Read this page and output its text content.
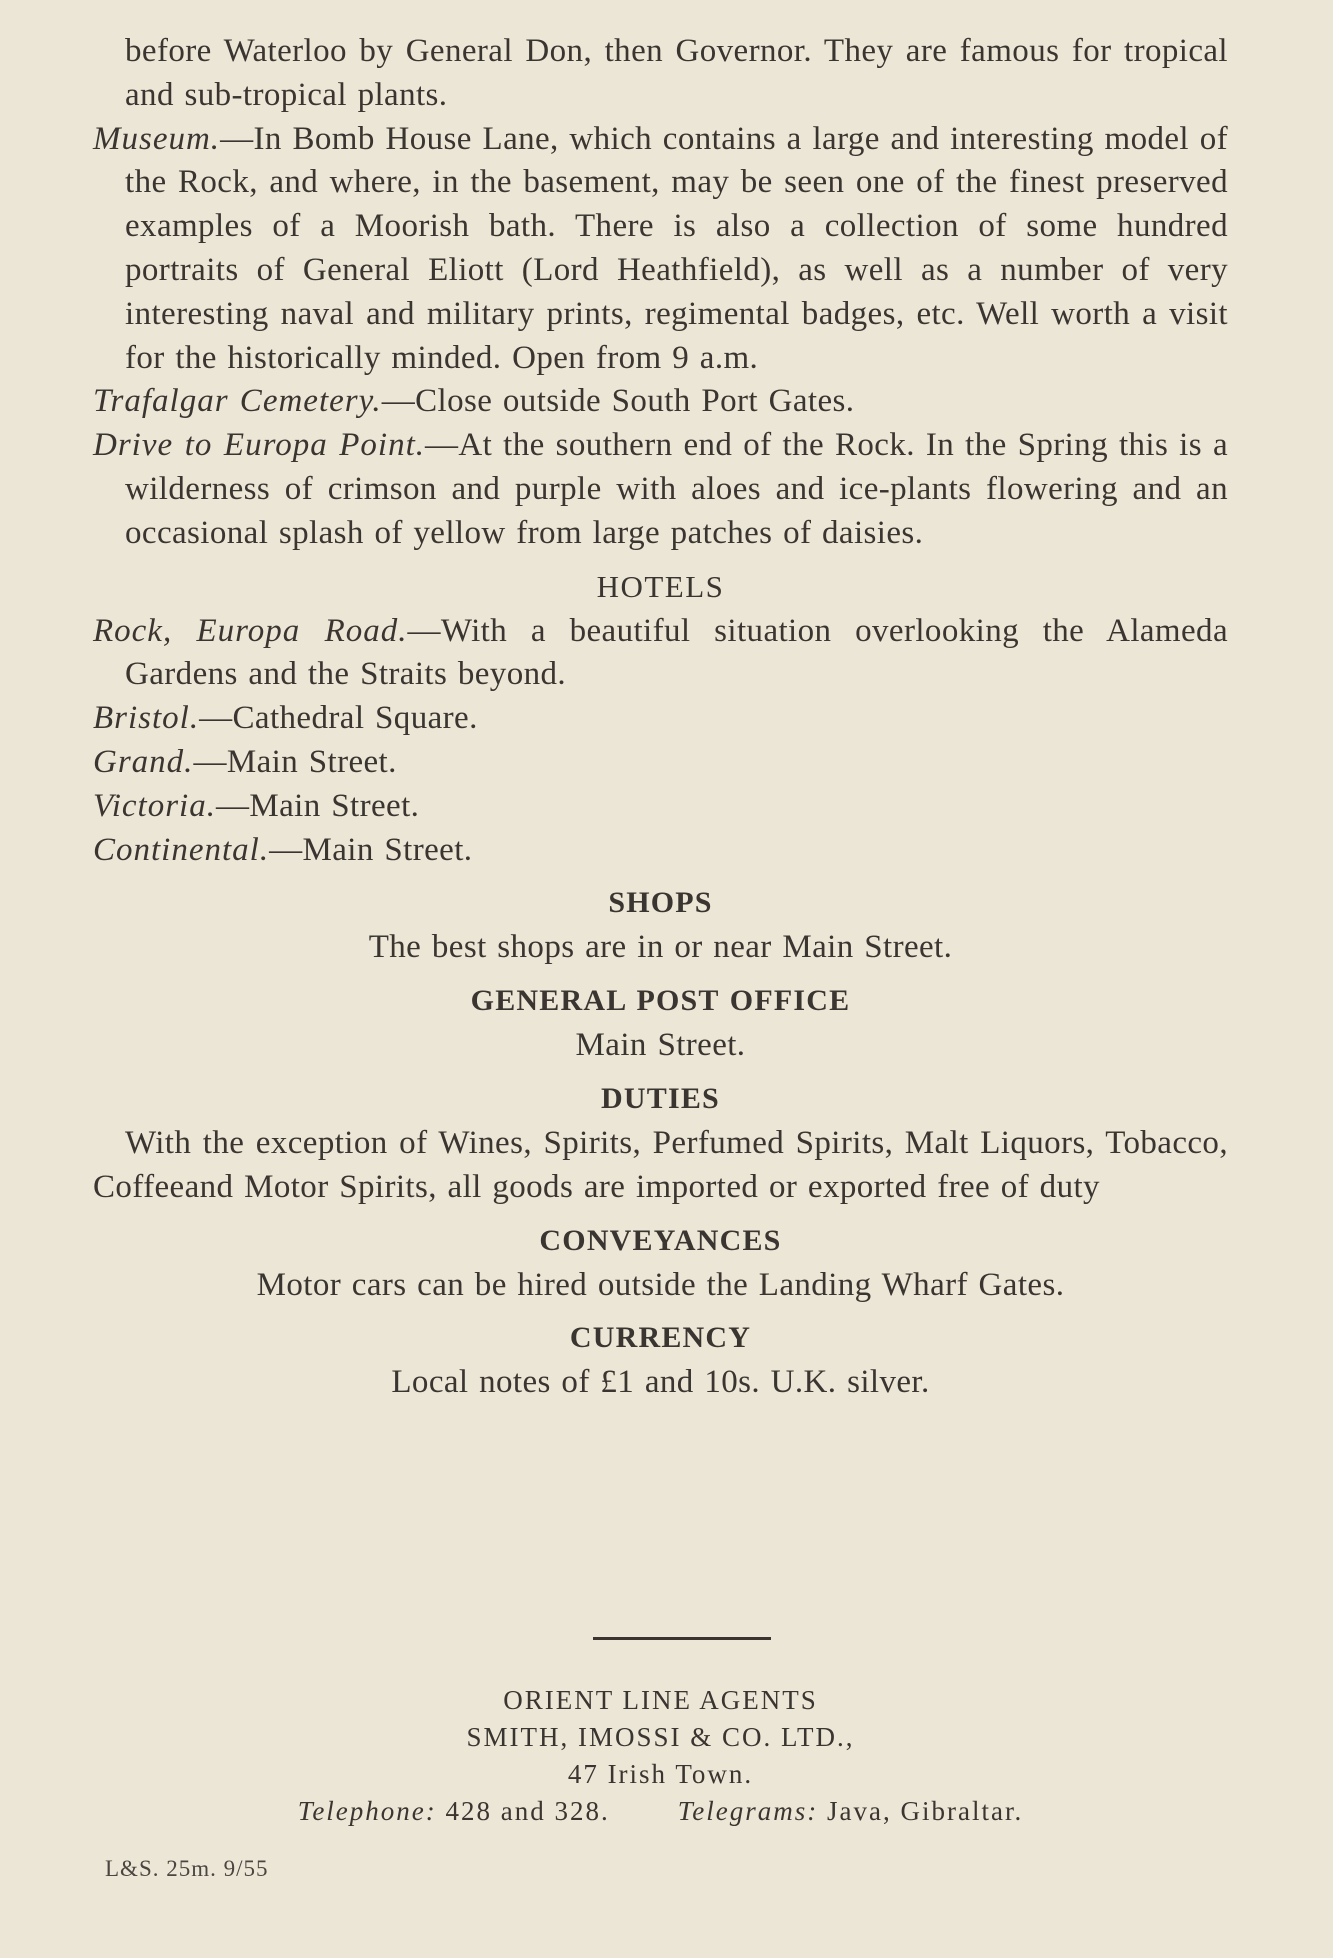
before Waterloo by General Don, then Governor. They are famous for tropical and sub-tropical plants.

Museum.—In Bomb House Lane, which contains a large and interesting model of the Rock, and where, in the basement, may be seen one of the finest preserved examples of a Moorish bath. There is also a collection of some hundred portraits of General Eliott (Lord Heathfield), as well as a number of very interesting naval and military prints, regimental badges, etc. Well worth a visit for the historically minded. Open from 9 a.m.

Trafalgar Cemetery.—Close outside South Port Gates.

Drive to Europa Point.—At the southern end of the Rock. In the Spring this is a wilderness of crimson and purple with aloes and ice-plants flowering and an occasional splash of yellow from large patches of daisies.

HOTELS

Rock, Europa Road.—With a beautiful situation overlooking the Alameda Gardens and the Straits beyond.

Bristol.—Cathedral Square.

Grand.—Main Street.

Victoria.—Main Street.

Continental.—Main Street.

SHOPS

The best shops are in or near Main Street.

GENERAL POST OFFICE

Main Street.

DUTIES

With the exception of Wines, Spirits, Perfumed Spirits, Malt Liquors, Tobacco, Coffeeand Motor Spirits, all goods are imported or exported free of duty

CONVEYANCES

Motor cars can be hired outside the Landing Wharf Gates.

CURRENCY

Local notes of £1 and 10s. U.K. silver.

ORIENT LINE AGENTS

SMITH, IMOSSI & CO. LTD.,

47 Irish Town.

Telephone: 428 and 328.	Telegrams: Java, Gibraltar.

L&S. 25m. 9/55
